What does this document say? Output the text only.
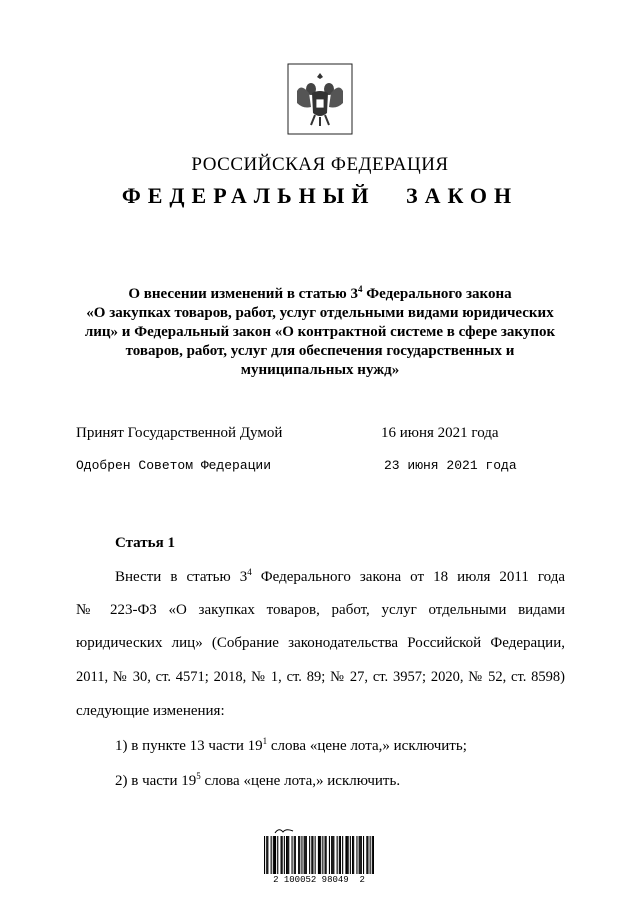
РОССИЙСКАЯ ФЕДЕРАЦИЯ
ФЕДЕРАЛЬНЫЙ ЗАКОН
О внесении изменений в статью $3^4$ Федерального закона
«О закупках товаров, работ, услуг отдельными видами юридических
лиц» и Федеральный закон «О контрактной системе в сфере закупок
товаров, работ, услуг для обеспечения государственных и
муниципальных нужд»
Принят Государственной Думой	16 июня 2021 года
Одобрен Советом Федерации	23 июня 2021 года
Статья 1
Внести в статью $3^4$ Федерального закона от 18 июля 2011 года
№ 223-ФЗ «О закупках товаров, работ, услуг отдельными видами
юридических лиц» (Собрание законодательства Российской Федерации,
2011, № 30, ст. 4571; 2018, № 1, ст. 89; № 27, ст. 3957; 2020, № 52, ст. 8598)
следующие изменения:
1) в пункте 13 части $19^1$ слова «цене лота,» исключить;
2) в части $19^5$ слова «цене лота,» исключить.
2 100052 98049  2
